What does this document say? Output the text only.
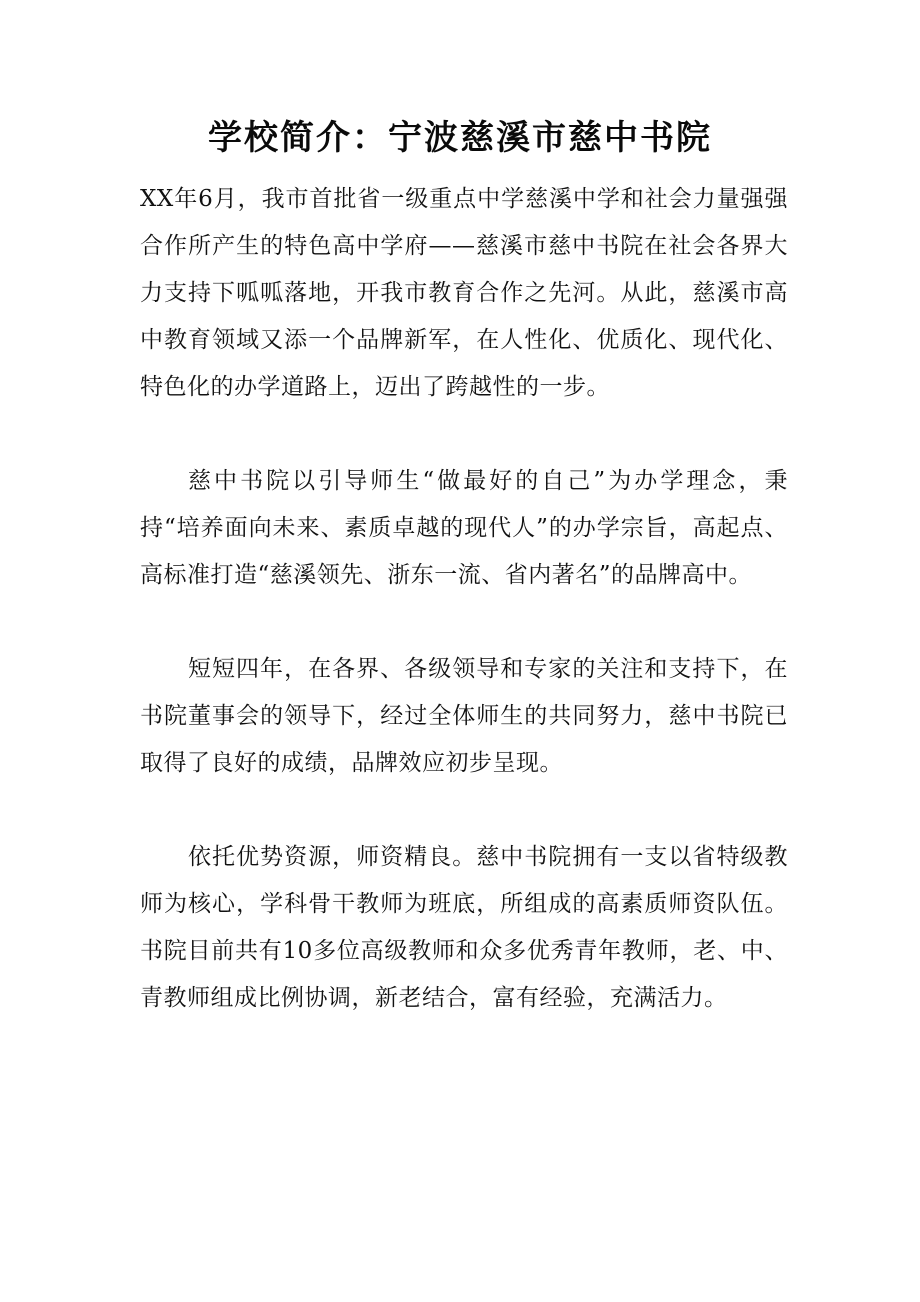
学校简介：宁波慈溪市慈中书院

XX年6月，我市首批省一级重点中学慈溪中学和社会力量强强合作所产生的特色高中学府——慈溪市慈中书院在社会各界大力支持下呱呱落地，开我市教育合作之先河。从此，慈溪市高中教育领域又添一个品牌新军，在人性化、优质化、现代化、特色化的办学道路上，迈出了跨越性的一步。

慈中书院以引导师生“做最好的自己”为办学理念，秉持“培养面向未来、素质卓越的现代人”的办学宗旨，高起点、高标准打造“慈溪领先、浙东一流、省内著名”的品牌高中。

短短四年，在各界、各级领导和专家的关注和支持下，在书院董事会的领导下，经过全体师生的共同努力，慈中书院已取得了良好的成绩，品牌效应初步呈现。

依托优势资源，师资精良。慈中书院拥有一支以省特级教师为核心，学科骨干教师为班底，所组成的高素质师资队伍。书院目前共有10多位高级教师和众多优秀青年教师，老、中、青教师组成比例协调，新老结合，富有经验，充满活力。
